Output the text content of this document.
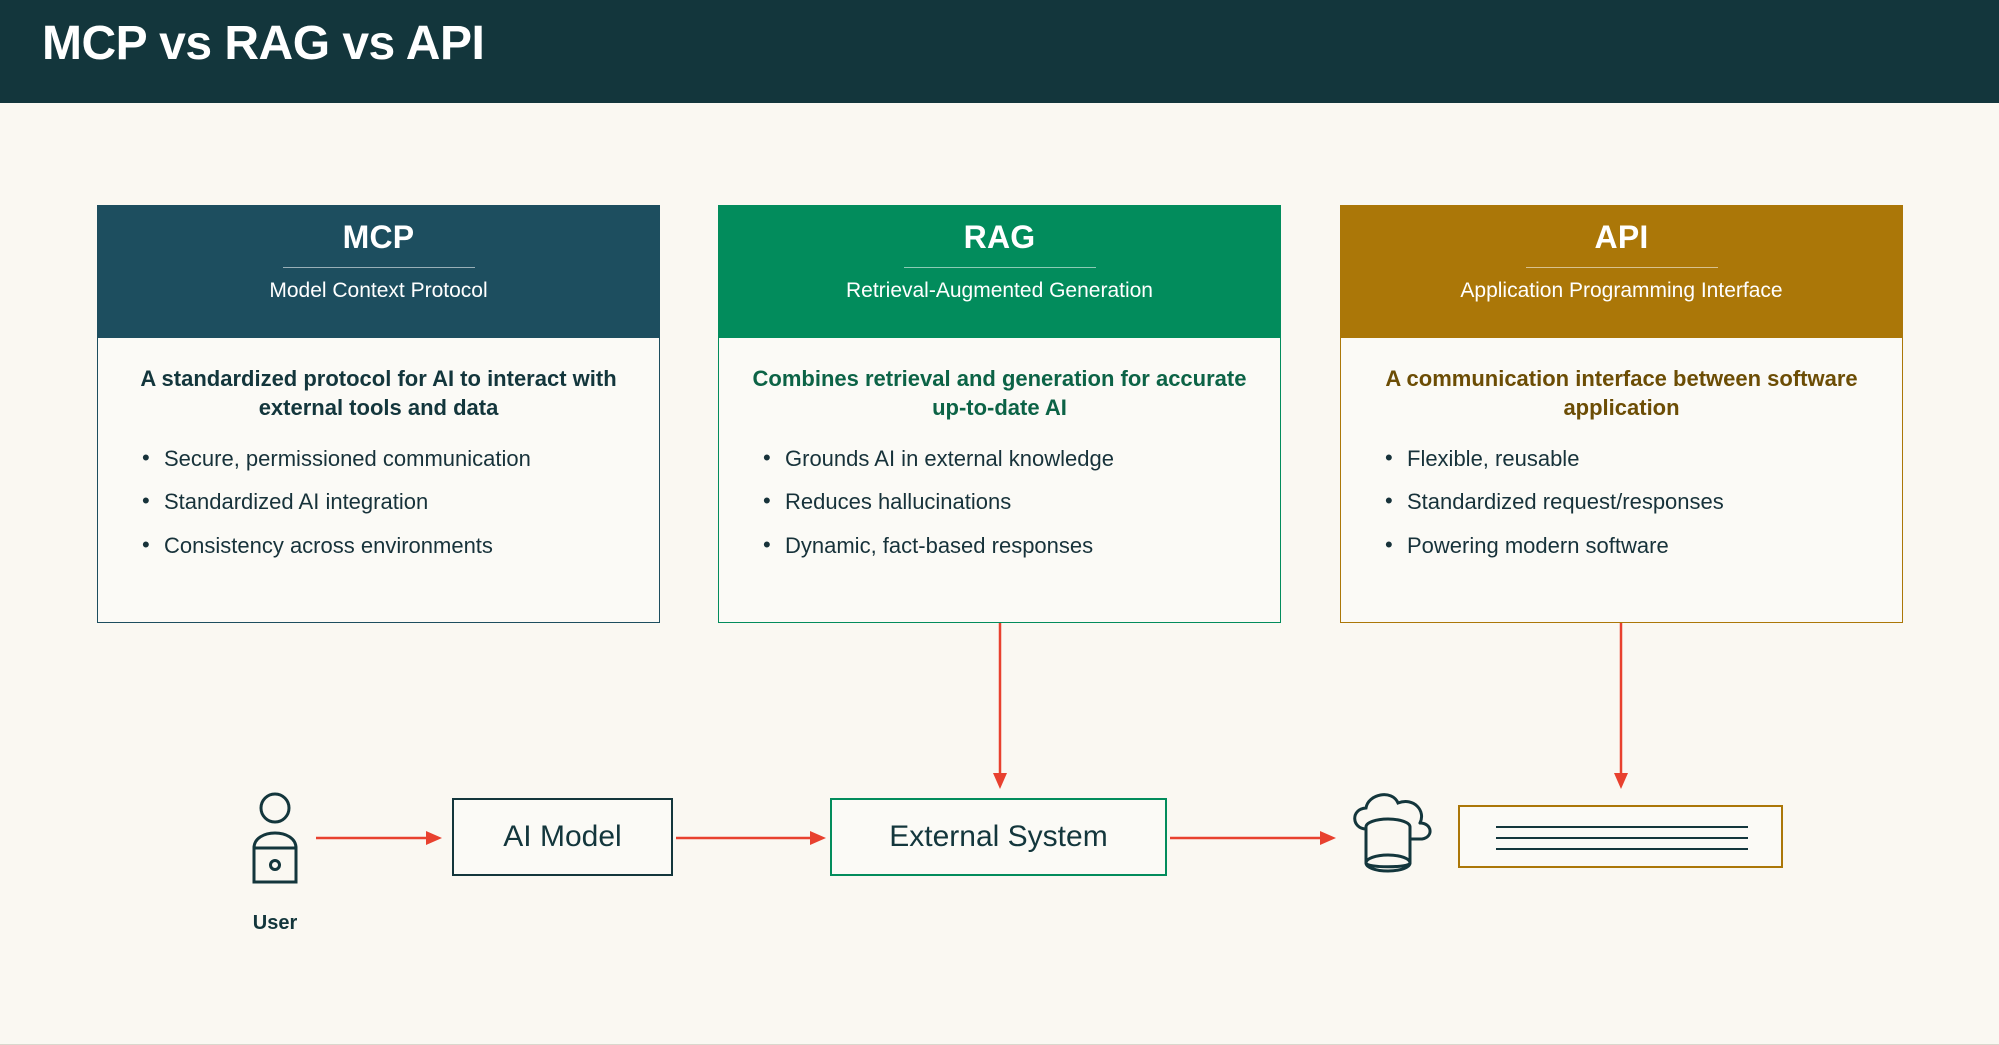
MCP vs RAG vs API
MCP
Model Context Protocol
A standardized protocol for AI to interact with external tools and data
• Secure, permissioned communication
• Standardized AI integration
• Consistency across environments
RAG
Retrieval-Augmented Generation
Combines retrieval and generation for accurate up-to-date AI
• Grounds AI in external knowledge
• Reduces hallucinations
• Dynamic, fact-based responses
API
Application Programming Interface
A communication interface between software application
• Flexible, reusable
• Standardized request/responses
• Powering modern software
User
AI Model	External System
